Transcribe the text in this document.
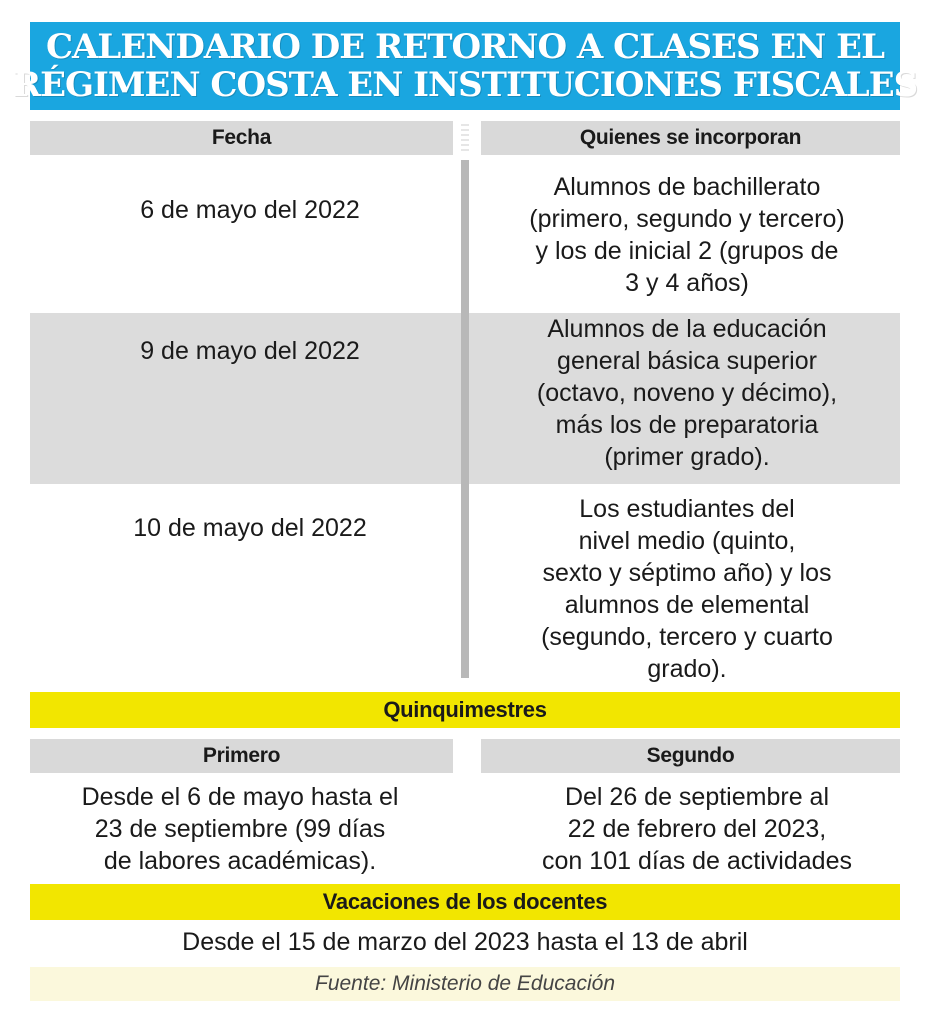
CALENDARIO DE RETORNO A CLASES EN EL
RÉGIMEN COSTA EN INSTITUCIONES FISCALES
Fecha	Quienes se incorporan
6 de mayo del 2022
Alumnos de bachillerato
(primero, segundo y tercero)
y los de inicial 2 (grupos de
3 y 4 años)
9 de mayo del 2022
Alumnos de la educación
general básica superior
(octavo, noveno y décimo),
más los de preparatoria
(primer grado).
10 de mayo del 2022
Los estudiantes del
nivel medio (quinto,
sexto y séptimo año) y los
alumnos de elemental
(segundo, tercero y cuarto
grado).
Quinquimestres
Primero	Segundo
Desde el 6 de mayo hasta el
23 de septiembre (99 días
de labores académicas).
Del 26 de septiembre al
22 de febrero del 2023,
con 101 días de actividades
Vacaciones de los docentes
Desde el 15 de marzo del 2023 hasta el 13 de abril
Fuente: Ministerio de Educación
